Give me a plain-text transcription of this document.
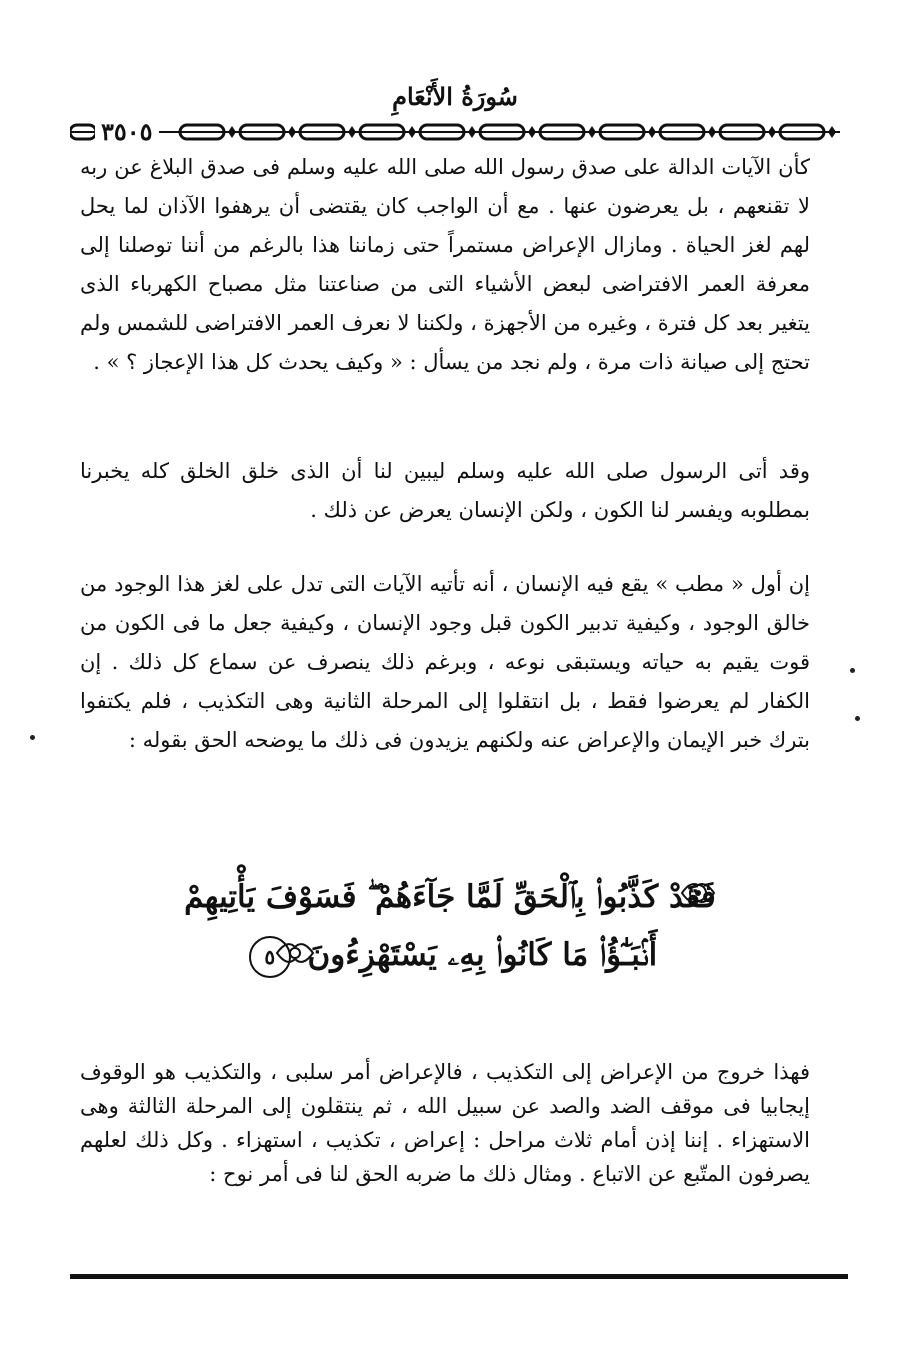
سُورَةُ الأَنْعَامِ
٣٥٠٥

كأن الآيات الدالة على صدق رسول الله صلى الله عليه وسلم فى صدق البلاغ عن ربه لا تقنعهم ، بل يعرضون عنها . مع أن الواجب كان يقتضى أن يرهفوا الآذان لما يحل لهم لغز الحياة . ومازال الإعراض مستمراً حتى زماننا هذا بالرغم من أننا توصلنا إلى معرفة العمر الافتراضى لبعض الأشياء التى من صناعتنا مثل مصباح الكهرباء الذى يتغير بعد كل فترة ، وغيره من الأجهزة ، ولكننا لا نعرف العمر الافتراضى للشمس ولم تحتج إلى صيانة ذات مرة ، ولم نجد من يسأل : « وكيف يحدث كل هذا الإعجاز ؟ » .

وقد أتى الرسول صلى الله عليه وسلم ليبين لنا أن الذى خلق الخلق كله يخبرنا بمطلوبه ويفسر لنا الكون ، ولكن الإنسان يعرض عن ذلك .

إن أول « مطب » يقع فيه الإنسان ، أنه تأتيه الآيات التى تدل على لغز هذا الوجود من خالق الوجود ، وكيفية تدبير الكون قبل وجود الإنسان ، وكيفية جعل ما فى الكون من قوت يقيم به حياته ويستبقى نوعه ، وبرغم ذلك ينصرف عن سماع كل ذلك . إن الكفار لم يعرضوا فقط ، بل انتقلوا إلى المرحلة الثانية وهى التكذيب ، فلم يكتفوا بترك خبر الإيمان والإعراض عنه ولكنهم يزيدون فى ذلك ما يوضحه الحق بقوله :

فَقَدْ كَذَّبُوا۟ بِٱلْحَقِّ لَمَّا جَآءَهُمْ ۖ فَسَوْفَ يَأْتِيهِمْ
أَنۢبَـٰٓؤُا۟ مَا كَانُوا۟ بِهِۦ يَسْتَهْزِءُونَ ٥

فهذا خروج من الإعراض إلى التكذيب ، فالإعراض أمر سلبى ، والتكذيب هو الوقوف إيجابيا فى موقف الضد والصد عن سبيل الله ، ثم ينتقلون إلى المرحلة الثالثة وهى الاستهزاء . إننا إذن أمام ثلاث مراحل : إعراض ، تكذيب ، استهزاء . وكل ذلك لعلهم يصرفون المتّبع عن الاتباع . ومثال ذلك ما ضربه الحق لنا فى أمر نوح :
